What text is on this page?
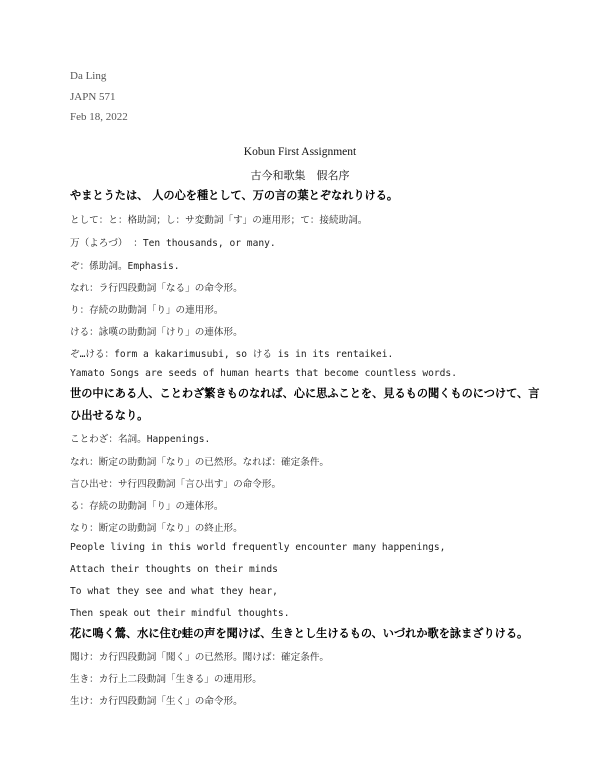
Da Ling
JAPN 571
Feb 18, 2022
Kobun First Assignment
古今和歌集　假名序
やまとうたは、 人の心を種として、万の言の葉とぞなれりける。
として：と：格助詞；し：サ変動詞「す」の連用形；て：接続助詞。
万（よろづ） ：Ten thousands, or many.
ぞ：係助詞。Emphasis.
なれ：ラ行四段動詞「なる」の命令形。
り：存続の助動詞「り」の連用形。
ける：詠嘆の助動詞「けり」の連体形。
ぞ…ける：form a kakarimusubi, so ける is in its rentaikei.
Yamato Songs are seeds of human hearts that become countless words.
世の中にある人、ことわざ繁きものなれば、心に思ふことを、見るもの聞くものにつけて、言
ひ出せるなり。
ことわざ：名詞。Happenings.
なれ：断定の助動詞「なり」の已然形。なれば：確定条件。
言ひ出せ：サ行四段動詞「言ひ出す」の命令形。
る：存続の助動詞「り」の連体形。
なり：断定の助動詞「なり」の終止形。
People living in this world frequently encounter many happenings,
Attach their thoughts on their minds
To what they see and what they hear,
Then speak out their mindful thoughts.
花に鳴く鶯、水に住む蛙の声を聞けば、生きとし生けるもの、いづれか歌を詠まざりける。
聞け：カ行四段動詞「聞く」の已然形。聞けば：確定条件。
生き：カ行上二段動詞「生きる」の連用形。
生け：カ行四段動詞「生く」の命令形。
